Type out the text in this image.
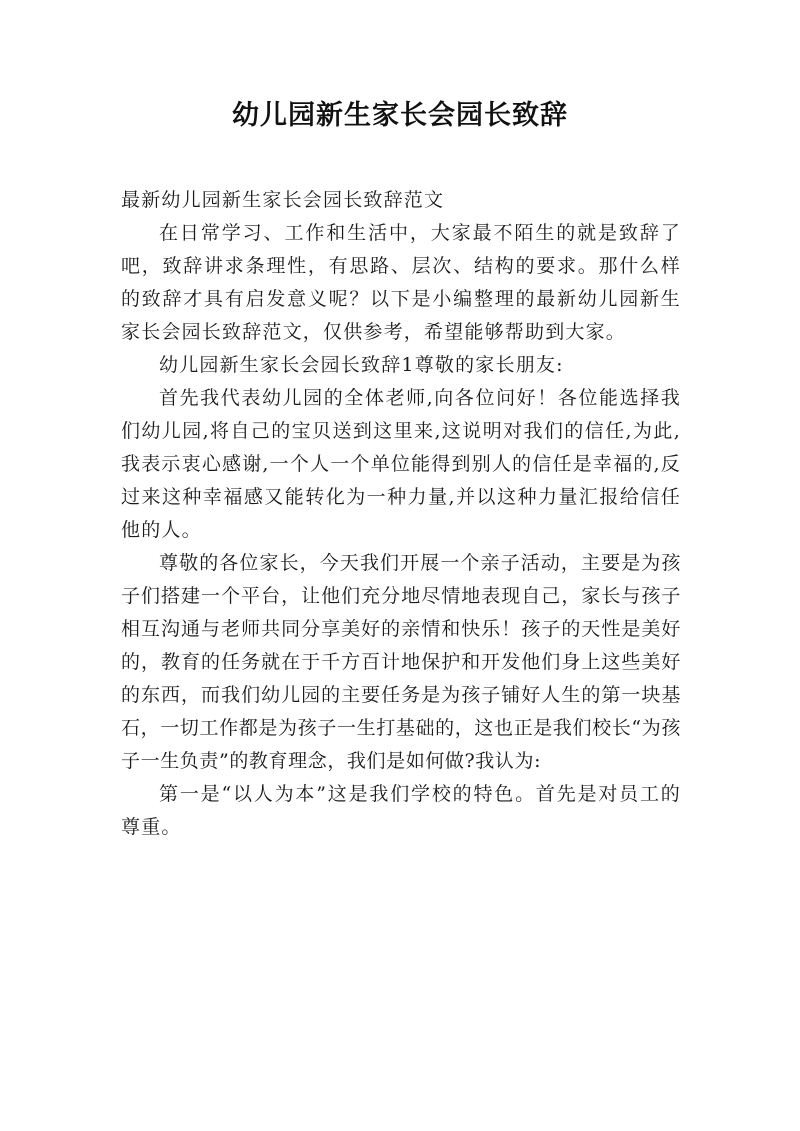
幼儿园新生家长会园长致辞

最新幼儿园新生家长会园长致辞范文

在日常学习、工作和生活中，大家最不陌生的就是致辞了吧，致辞讲求条理性，有思路、层次、结构的要求。那什么样的致辞才具有启发意义呢？以下是小编整理的最新幼儿园新生家长会园长致辞范文，仅供参考，希望能够帮助到大家。

幼儿园新生家长会园长致辞1尊敬的家长朋友:

首先我代表幼儿园的全体老师,向各位问好！各位能选择我们幼儿园,将自己的宝贝送到这里来,这说明对我们的信任,为此,我表示衷心感谢,一个人一个单位能得到别人的信任是幸福的,反过来这种幸福感又能转化为一种力量,并以这种力量汇报给信任他的人。

尊敬的各位家长，今天我们开展一个亲子活动，主要是为孩子们搭建一个平台，让他们充分地尽情地表现自己，家长与孩子相互沟通与老师共同分享美好的亲情和快乐！孩子的天性是美好的，教育的任务就在于千方百计地保护和开发他们身上这些美好的东西，而我们幼儿园的主要任务是为孩子铺好人生的第一块基石，一切工作都是为孩子一生打基础的，这也正是我们校长“为孩子一生负责”的教育理念，我们是如何做?我认为:

第一是“以人为本”这是我们学校的特色。首先是对员工的尊重。
